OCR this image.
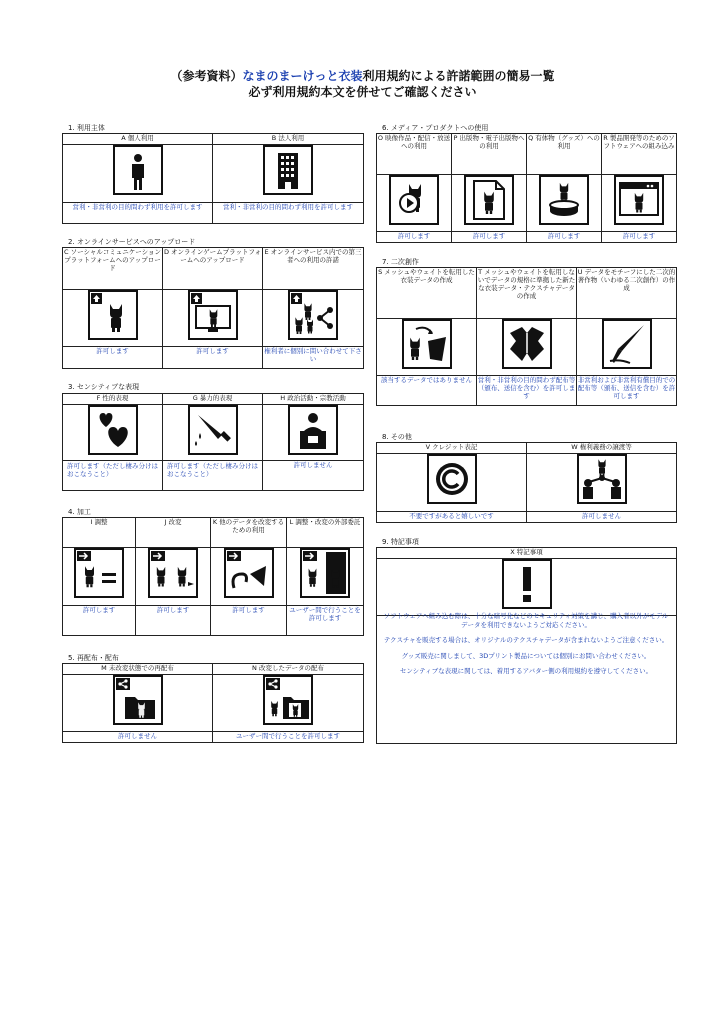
（参考資料）なまのまーけっと衣装利用規約による許諾範囲の簡易一覧
必ず利用規約本文を併せてご確認ください
1. 利用主体
A 個人利用	B 法人利用

営利・非営利の目的問わず利用を許可します	営利・非営利の目的問わず利用を許可します
2. オンラインサービスへのアップロード
C ソーシャルコミュニケーションプラットフォームへのアップロード	D オンラインゲームプラットフォームへのアップロード	E オンラインサービス内での第三者への利用の許諾

許可します	許可します	権利者に個別に問い合わせて下さい
3. センシティブな表現
F 性的表現	G 暴力的表現	H 政治活動・宗教活動

許可します（ただし棲み分けはおこなうこと）	許可します（ただし棲み分けはおこなうこと）	許可しません
4. 加工
I 調整	J 改変	K 他のデータを改変するための利用	L 調整・改変の外部委託

許可します	許可します	許可します	ユーザー間で行うことを許可します
5. 再配布・配布
M 未改変状態での再配布	N 改変したデータの配布

許可しません	ユーザー間で行うことを許可します
6. メディア・プロダクトへの使用
O 映像作品・配信・放送への利用	P 出版物・電子出版物への利用	Q 有体物（グッズ）への利用	R 製品開発等のためのソフトウェアへの組み込み

許可します	許可します	許可します	許可します
7. 二次創作
S メッシュやウェイトを転用した衣装データの作成	T メッシュやウェイトを転用しないでデータの規格に準拠した新たな衣装データ・テクスチャデータの作成	U データをモチーフにした二次的著作物（いわゆる二次創作）の作成

該当するデータではありません	営利・非営利の目的問わず配布等（頒布、送信を含む）を許可します	非営利および非営利有償目的での配布等（頒布、送信を含む）を許可します
8. その他
V クレジット表記	W 権利義務の譲渡等

不要ですがあると嬉しいです	許可しません
9. 特記事項
X 特記事項

ソフトウェアへ組み込む際は、十分な暗号化などのセキュリティ対策を講じ、購入者以外がモデルデータを利用できないようご対応ください。

テクスチャを販売する場合は、オリジナルのテクスチャデータが含まれないようご注意ください。

グッズ販売に関しまして、3Dプリント製品については個別にお問い合わせください。

センシティブな表現に関しては、着用するアバター側の利用規約を遵守してください。
